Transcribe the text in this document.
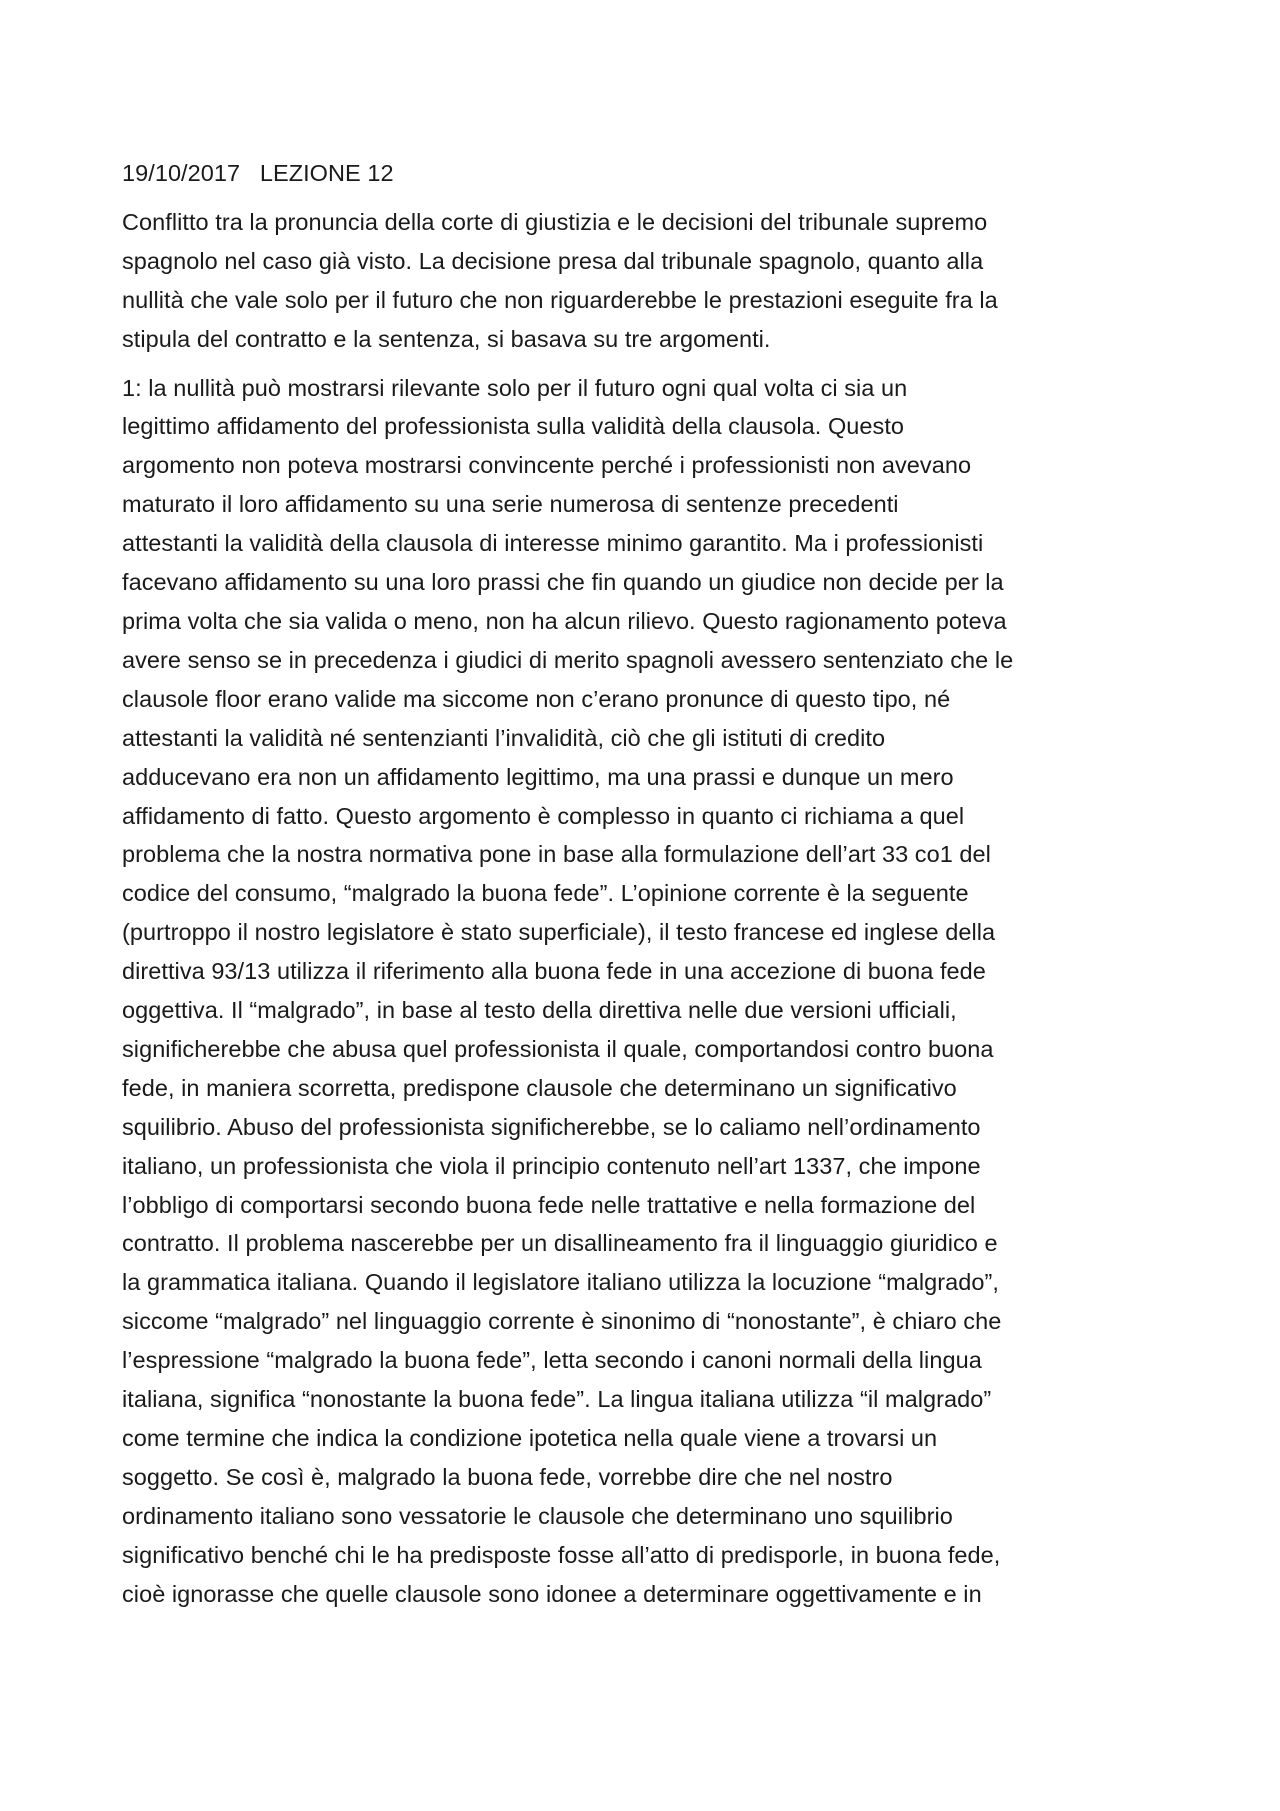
19/10/2017   LEZIONE 12
Conflitto tra la pronuncia della corte di giustizia e le decisioni del tribunale supremo
spagnolo nel caso già visto. La decisione presa dal tribunale spagnolo, quanto alla
nullità che vale solo per il futuro che non riguarderebbe le prestazioni eseguite fra la
stipula del contratto e la sentenza, si basava su tre argomenti.
1: la nullità può mostrarsi rilevante solo per il futuro ogni qual volta ci sia un
legittimo affidamento del professionista sulla validità della clausola. Questo
argomento non poteva mostrarsi convincente perché i professionisti non avevano
maturato il loro affidamento su una serie numerosa di sentenze precedenti
attestanti la validità della clausola di interesse minimo garantito. Ma i professionisti
facevano affidamento su una loro prassi che fin quando un giudice non decide per la
prima volta che sia valida o meno, non ha alcun rilievo. Questo ragionamento poteva
avere senso se in precedenza i giudici di merito spagnoli avessero sentenziato che le
clausole floor erano valide ma siccome non c’erano pronunce di questo tipo, né
attestanti la validità né sentenzianti l’invalidità, ciò che gli istituti di credito
adducevano era non un affidamento legittimo, ma una prassi e dunque un mero
affidamento di fatto. Questo argomento è complesso in quanto ci richiama a quel
problema che la nostra normativa pone in base alla formulazione dell’art 33 co1 del
codice del consumo, “malgrado la buona fede”. L’opinione corrente è la seguente
(purtroppo il nostro legislatore è stato superficiale), il testo francese ed inglese della
direttiva 93/13 utilizza il riferimento alla buona fede in una accezione di buona fede
oggettiva. Il “malgrado”, in base al testo della direttiva nelle due versioni ufficiali,
significherebbe che abusa quel professionista il quale, comportandosi contro buona
fede, in maniera scorretta, predispone clausole che determinano un significativo
squilibrio. Abuso del professionista significherebbe, se lo caliamo nell’ordinamento
italiano, un professionista che viola il principio contenuto nell’art 1337, che impone
l’obbligo di comportarsi secondo buona fede nelle trattative e nella formazione del
contratto. Il problema nascerebbe per un disallineamento fra il linguaggio giuridico e
la grammatica italiana. Quando il legislatore italiano utilizza la locuzione “malgrado”,
siccome “malgrado” nel linguaggio corrente è sinonimo di “nonostante”, è chiaro che
l’espressione “malgrado la buona fede”, letta secondo i canoni normali della lingua
italiana, significa “nonostante la buona fede”. La lingua italiana utilizza “il malgrado”
come termine che indica la condizione ipotetica nella quale viene a trovarsi un
soggetto. Se così è, malgrado la buona fede, vorrebbe dire che nel nostro
ordinamento italiano sono vessatorie le clausole che determinano uno squilibrio
significativo benché chi le ha predisposte fosse all’atto di predisporle, in buona fede,
cioè ignorasse che quelle clausole sono idonee a determinare oggettivamente e in
